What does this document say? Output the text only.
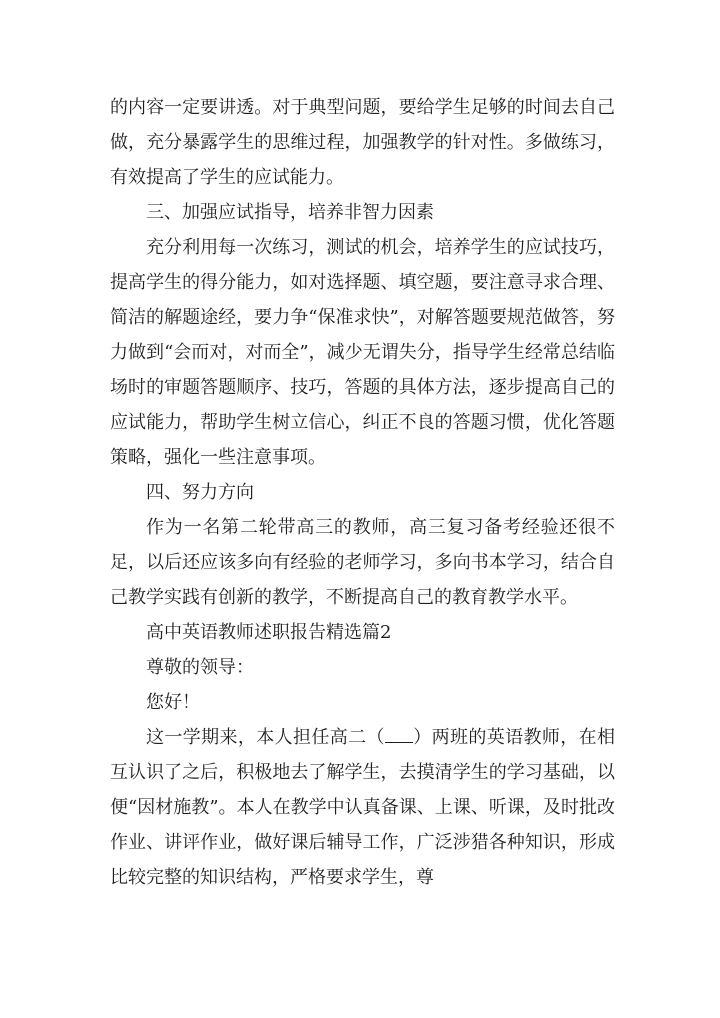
的内容一定要讲透。对于典型问题，要给学生足够的时间去自己做，充分暴露学生的思维过程，加强教学的针对性。多做练习，有效提高了学生的应试能力。

三、加强应试指导，培养非智力因素

充分利用每一次练习，测试的机会，培养学生的应试技巧，提高学生的得分能力，如对选择题、填空题，要注意寻求合理、简洁的解题途经，要力争“保准求快”，对解答题要规范做答，努力做到“会而对，对而全”，减少无谓失分，指导学生经常总结临场时的审题答题顺序、技巧，答题的具体方法，逐步提高自己的应试能力，帮助学生树立信心，纠正不良的答题习惯，优化答题策略，强化一些注意事项。

四、努力方向

作为一名第二轮带高三的教师，高三复习备考经验还很不足，以后还应该多向有经验的老师学习，多向书本学习，结合自己教学实践有创新的教学，不断提高自己的教育教学水平。

高中英语教师述职报告精选篇2

尊敬的领导：

您好！

这一学期来，本人担任高二（ ）两班的英语教师，在相互认识了之后，积极地去了解学生，去摸清学生的学习基础，以便“因材施教”。本人在教学中认真备课、上课、听课，及时批改作业、讲评作业，做好课后辅导工作，广泛涉猎各种知识，形成比较完整的知识结构，严格要求学生，尊
